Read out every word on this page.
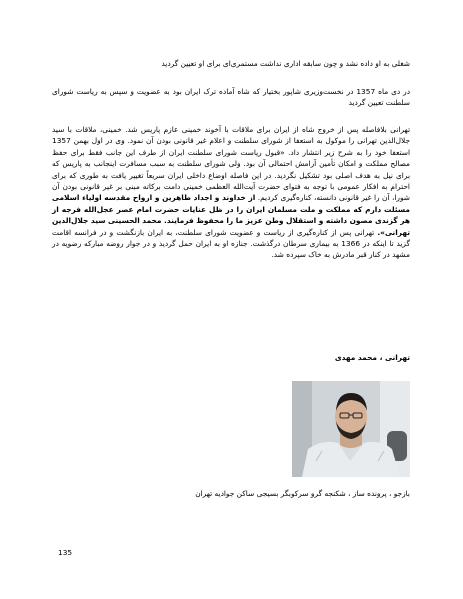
شغلی به او داده نشد و چون سابقه اداری نداشت مستمری‌ای برای او تعیین گردید

در دی ماه 1357 در نخست‌وزیری شاپور بختیار که شاه آماده ترک ایران بود به عضویت و سپس به ریاست شورای سلطنت تعیین گردید

تهرانی بلافاصله پس از خروج شاه از ایران برای ملاقات با آخوند خمینی عازم پاریس شد. خمینی، ملاقات با سید جلال‌الدین تهرانی را موکول به استعفا از شورای سلطنت و اعلام غیر قانونی بودن آن نمود. وی در اول بهمن 1357 استعفا خود را به شرح زیر انتشار داد. «قبول ریاست شورای سلطنت ایران از طرف این جانب فقط برای حفظ مصالح مملکت و امکان تأمین آرامش احتمالی آن بود. ولی شورای سلطنت به سبب مسافرت اینجانب به پاریس که برای نیل به هدف اصلی بود تشکیل نگردید. در این فاصله اوضاع داخلی ایران سریعاً تغییر یافت به طوری که برای احترام به افکار عمومی با توجه به فتوای حضرت آیت‌الله العظمی خمینی دامت برکاته مبنی بر غیر قانونی بودن آن شورا، آن را غیر قانونی دانسته، کناره‌گیری کردیم. از خداوند و اجداد طاهرین و ارواح مقدسه اولیاء اسلامی مسئلت دارم که مملکت و ملت مسلمان ایران را در ظل عنایات حضرت امام عصر عجل‌الله فرجه از هر گزندی مصون داشته و استقلال وطن عزیز ما را محفوظ فرمایند. محمد الحسینی سید جلال‌الدین تهرانی». تهرانی پس از کناره‌گیری از ریاست و عضویت شورای سلطنت، به ایران بازنگشت و در فرانسه اقامت گزید تا اینکه در 1366 به بیماری سرطان درگذشت. جنازه او به ایران حمل گردید و در جوار روضه مبارکه رضویه در مشهد در کنار قبر مادرش به خاک سپرده شد.

تهرانی ، محمد مهدی

بازجو ، پرونده ساز ، شکنجه گرو سرکوبگر بسیجی ساکن جوادیه تهران
135
